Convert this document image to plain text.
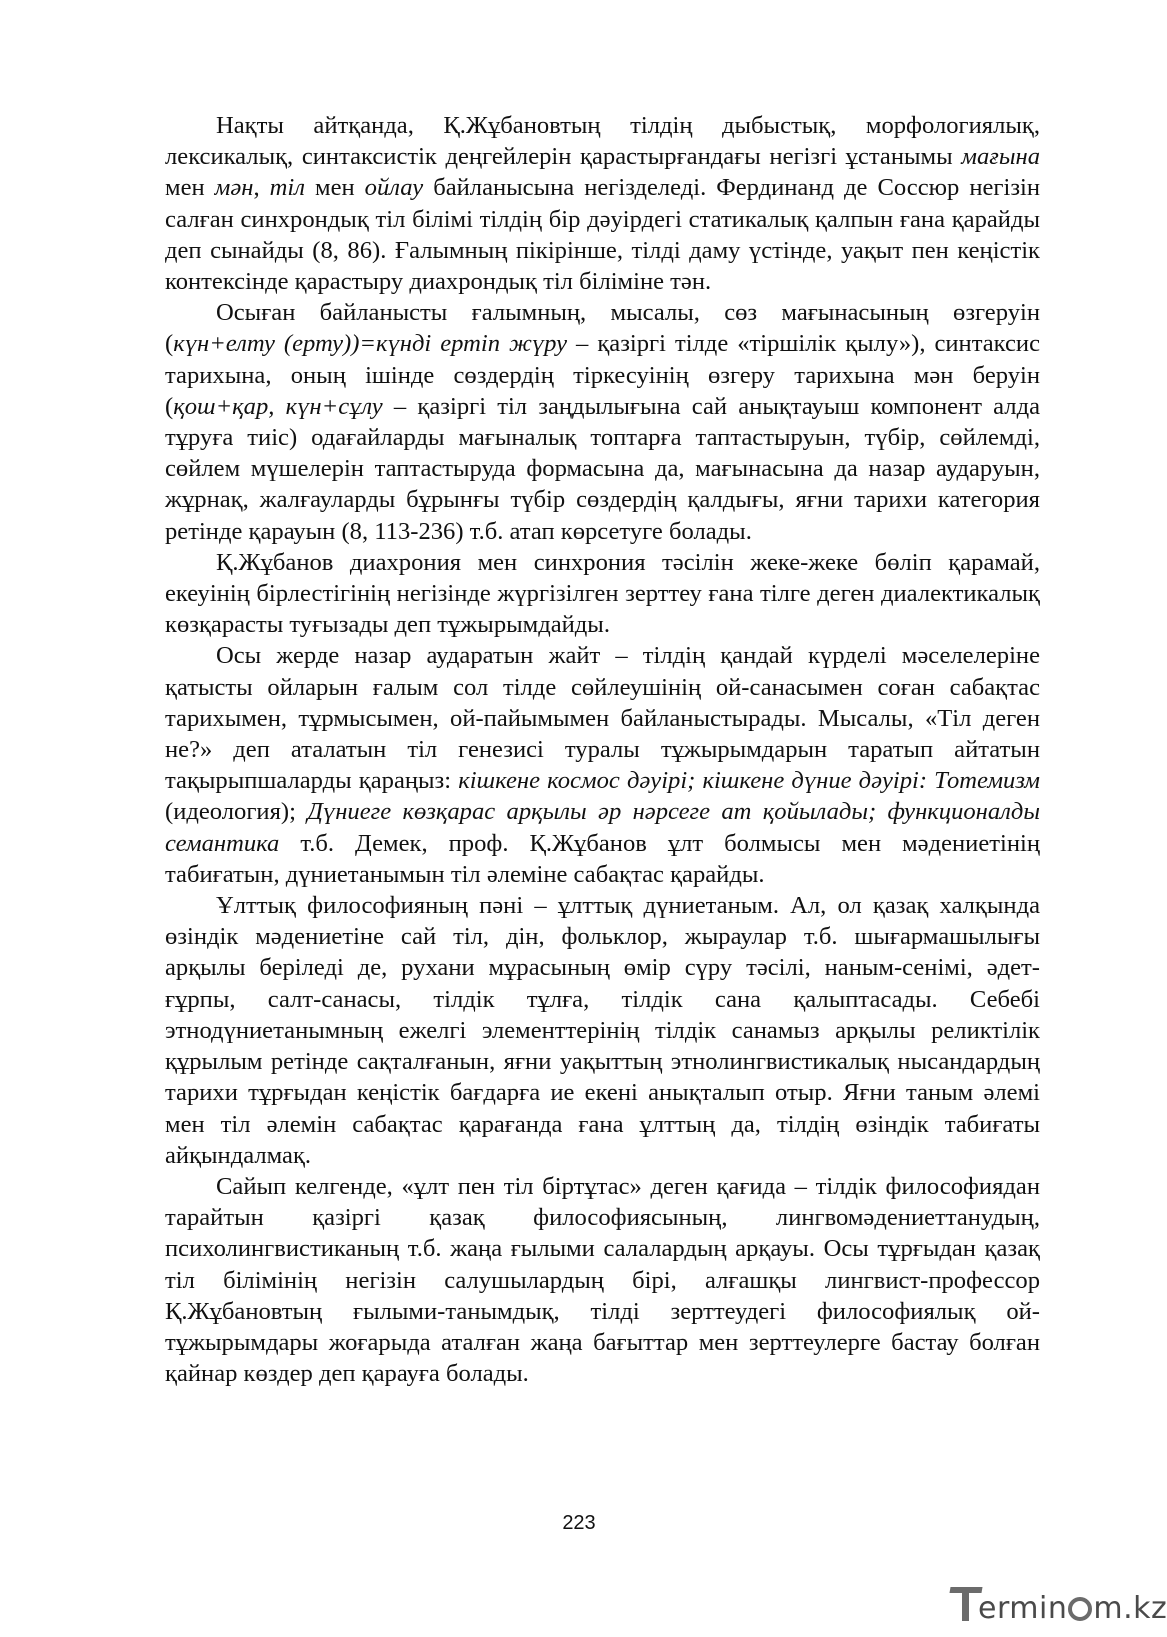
Нақты айтқанда, Қ.Жұбановтың тілдің дыбыстық, морфологиялық, лексикалық, синтаксистік деңгейлерін қарастырғандағы негізгі ұстанымы мағына мен мән, тіл мен ойлау байланысына негізделеді. Фердинанд де Соссюр негізін салған синхрондық тіл білімі тілдің бір дәуірдегі статикалық қалпын ғана қарайды деп сынайды (8, 86). Ғалымның пікірінше, тілді даму үстінде, уақыт пен кеңістік контексінде қарастыру диахрондық тіл біліміне тән.

Осыған байланысты ғалымның, мысалы, сөз мағынасының өзгеруін (күн+елту (ерту))=күнді ертіп жүру – қазіргі тілде «тіршілік қылу»), синтаксис тарихына, оның ішінде сөздердің тіркесуінің өзгеру тарихына мән беруін (қош+қар, күн+сұлу – қазіргі тіл заңдылығына сай анықтауыш компонент алда тұруға тиіс) одағайларды мағыналық топтарға таптастыруын, түбір, сөйлемді, сөйлем мүшелерін таптастыруда формасына да, мағынасына да назар аударуын, жұрнақ, жалғауларды бұрынғы түбір сөздердің қалдығы, яғни тарихи категория ретінде қарауын (8, 113-236) т.б. атап көрсетуге болады.

Қ.Жұбанов диахрония мен синхрония тәсілін жеке-жеке бөліп қарамай, екеуінің бірлестігінің негізінде жүргізілген зерттеу ғана тілге деген диалектикалық көзқарасты туғызады деп тұжырымдайды.

Осы жерде назар аударатын жайт – тілдің қандай күрделі мәселелеріне қатысты ойларын ғалым сол тілде сөйлеушінің ой-санасымен соған сабақтас тарихымен, тұрмысымен, ой-пайымымен байланыстырады. Мысалы, «Тіл деген не?» деп аталатын тіл генезисі туралы тұжырымдарын таратып айтатын тақырыпшаларды қараңыз: кішкене космос дәуірі; кішкене дүние дәуірі: Тотемизм (идеология); Дүниеге көзқарас арқылы әр нәрсеге ат қойылады; функционалды семантика т.б. Демек, проф. Қ.Жұбанов ұлт болмысы мен мәдениетінің табиғатын, дүниетанымын тіл әлеміне сабақтас қарайды.

Ұлттық философияның пәні – ұлттық дүниетаным. Ал, ол қазақ халқында өзіндік мәдениетіне сай тіл, дін, фольклор, жыраулар т.б. шығармашылығы арқылы беріледі де, рухани мұрасының өмір сүру тәсілі, наным-сенімі, әдет-ғұрпы, салт-санасы, тілдік тұлға, тілдік сана қалыптасады. Себебі этнодүниетанымның ежелгі элементтерінің тілдік санамыз арқылы реликтілік құрылым ретінде сақталғанын, яғни уақыттың этнолингвистикалық нысандардың тарихи тұрғыдан кеңістік бағдарға ие екені анықталып отыр. Яғни таным әлемі мен тіл әлемін сабақтас қарағанда ғана ұлттың да, тілдің өзіндік табиғаты айқындалмақ.

Сайып келгенде, «ұлт пен тіл біртұтас» деген қағида – тілдік философиядан тарайтын қазіргі қазақ философиясының, лингвомәдениеттанудың, психолингвистиканың т.б. жаңа ғылыми салалардың арқауы. Осы тұрғыдан қазақ тіл білімінің негізін салушылардың бірі, алғашқы лингвист-профессор Қ.Жұбановтың ғылыми-танымдық, тілді зерттеудегі философиялық ой-тұжырымдары жоғарыда аталған жаңа бағыттар мен зерттеулерге бастау болған қайнар көздер деп қарауға болады.

223
ermin m.kz
